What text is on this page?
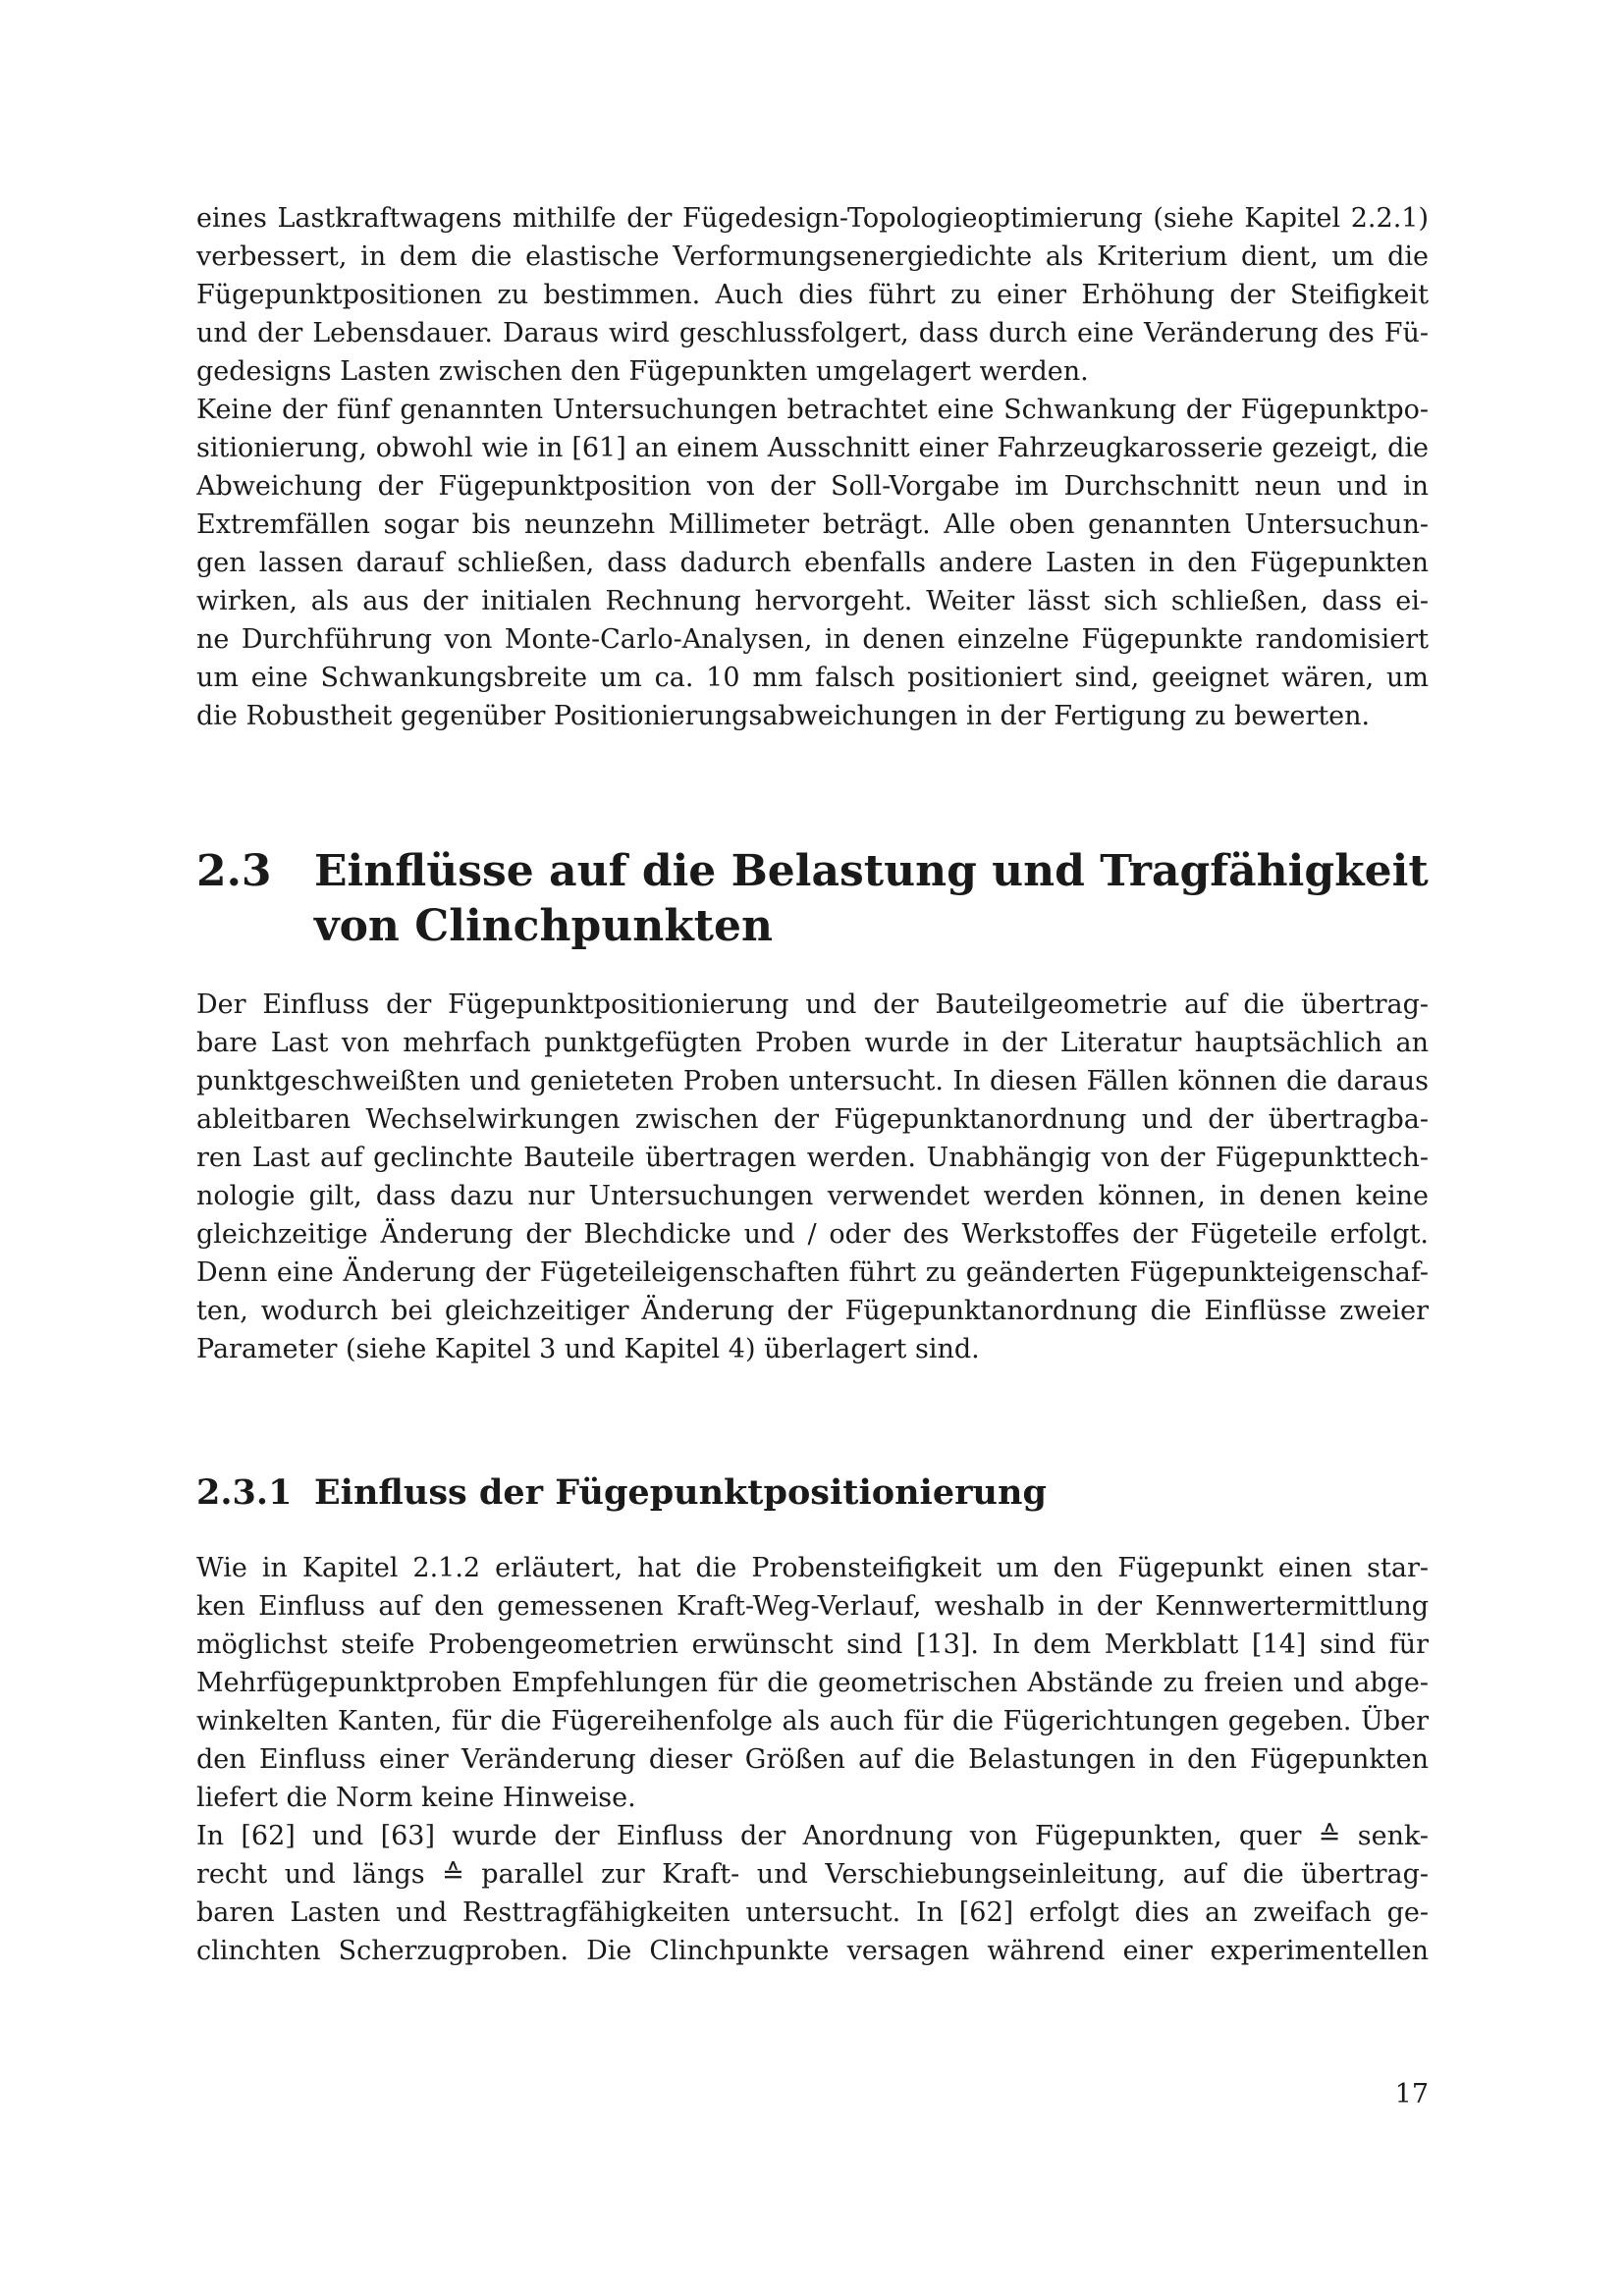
eines Lastkraftwagens mithilfe der Fügedesign-Topologieoptimierung (siehe Kapitel 2.2.1)
verbessert, in dem die elastische Verformungsenergiedichte als Kriterium dient, um die
Fügepunktpositionen zu bestimmen. Auch dies führt zu einer Erhöhung der Steifigkeit
und der Lebensdauer. Daraus wird geschlussfolgert, dass durch eine Veränderung des Fü-
gedesigns Lasten zwischen den Fügepunkten umgelagert werden.
Keine der fünf genannten Untersuchungen betrachtet eine Schwankung der Fügepunktpo-
sitionierung, obwohl wie in [61] an einem Ausschnitt einer Fahrzeugkarosserie gezeigt, die
Abweichung der Fügepunktposition von der Soll-Vorgabe im Durchschnitt neun und in
Extremfällen sogar bis neunzehn Millimeter beträgt. Alle oben genannten Untersuchun-
gen lassen darauf schließen, dass dadurch ebenfalls andere Lasten in den Fügepunkten
wirken, als aus der initialen Rechnung hervorgeht. Weiter lässt sich schließen, dass ei-
ne Durchführung von Monte-Carlo-Analysen, in denen einzelne Fügepunkte randomisiert
um eine Schwankungsbreite um ca. 10 mm falsch positioniert sind, geeignet wären, um
die Robustheit gegenüber Positionierungsabweichungen in der Fertigung zu bewerten.
2.3 Einflüsse auf die Belastung und Tragfähigkeit
von Clinchpunkten
Der Einfluss der Fügepunktpositionierung und der Bauteilgeometrie auf die übertrag-
bare Last von mehrfach punktgefügten Proben wurde in der Literatur hauptsächlich an
punktgeschweißten und genieteten Proben untersucht. In diesen Fällen können die daraus
ableitbaren Wechselwirkungen zwischen der Fügepunktanordnung und der übertragba-
ren Last auf geclinchte Bauteile übertragen werden. Unabhängig von der Fügepunkttech-
nologie gilt, dass dazu nur Untersuchungen verwendet werden können, in denen keine
gleichzeitige Änderung der Blechdicke und / oder des Werkstoffes der Fügeteile erfolgt.
Denn eine Änderung der Fügeteileigenschaften führt zu geänderten Fügepunkteigenschaf-
ten, wodurch bei gleichzeitiger Änderung der Fügepunktanordnung die Einflüsse zweier
Parameter (siehe Kapitel 3 und Kapitel 4) überlagert sind.
2.3.1 Einfluss der Fügepunktpositionierung
Wie in Kapitel 2.1.2 erläutert, hat die Probensteifigkeit um den Fügepunkt einen star-
ken Einfluss auf den gemessenen Kraft-Weg-Verlauf, weshalb in der Kennwertermittlung
möglichst steife Probengeometrien erwünscht sind [13]. In dem Merkblatt [14] sind für
Mehrfügepunktproben Empfehlungen für die geometrischen Abstände zu freien und abge-
winkelten Kanten, für die Fügereihenfolge als auch für die Fügerichtungen gegeben. Über
den Einfluss einer Veränderung dieser Größen auf die Belastungen in den Fügepunkten
liefert die Norm keine Hinweise.
In [62] und [63] wurde der Einfluss der Anordnung von Fügepunkten, quer ≙ senk-
recht und längs ≙ parallel zur Kraft- und Verschiebungseinleitung, auf die übertrag-
baren Lasten und Resttragfähigkeiten untersucht. In [62] erfolgt dies an zweifach ge-
clinchten Scherzugproben. Die Clinchpunkte versagen während einer experimentellen
17
